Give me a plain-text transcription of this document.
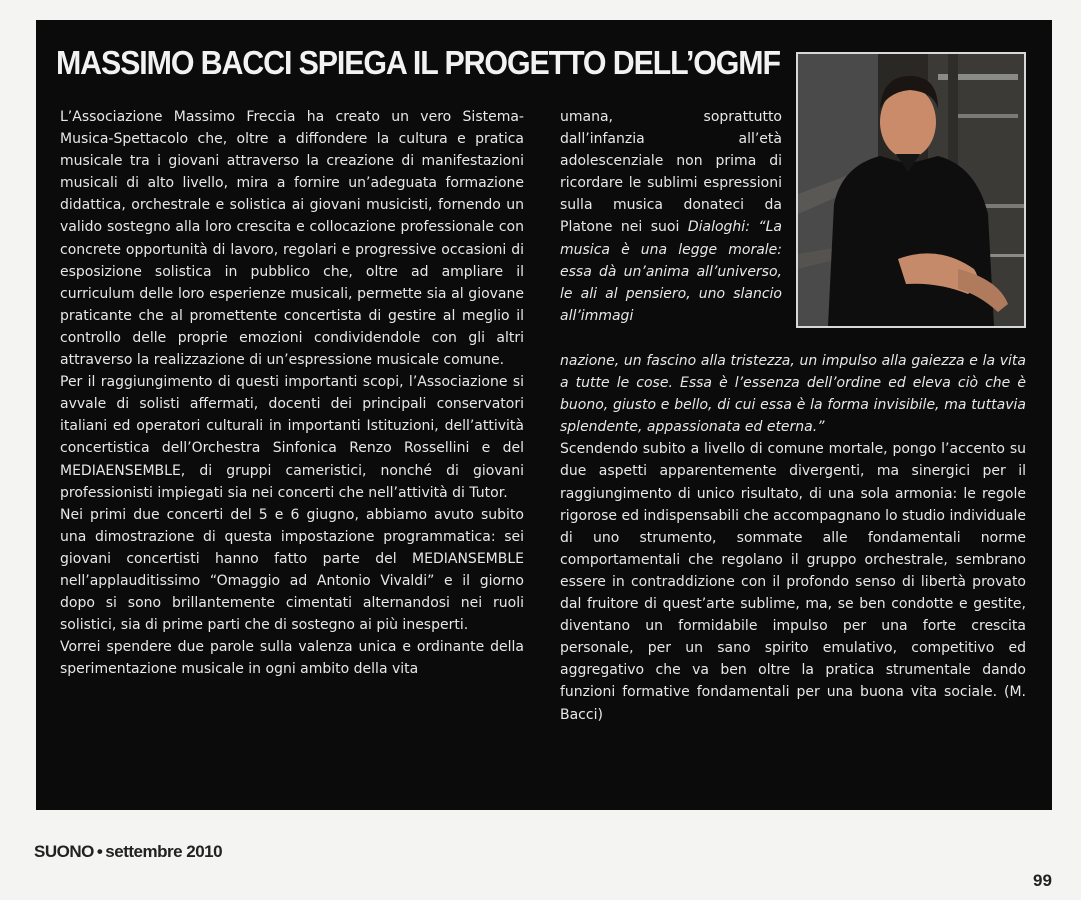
MASSIMO BACCI SPIEGA IL PROGETTO DELL’OGMF

L’Associazione Massimo Freccia ha creato un vero Sistema-Musica-Spettacolo che, oltre a diffondere la cultura e pratica musicale tra i giovani attraverso la creazione di manifestazioni musicali di alto livello, mira a fornire un’adeguata formazione didattica, orchestrale e solistica ai giovani musicisti, fornendo un valido sostegno alla loro crescita e collocazione professionale con concrete opportunità di lavoro, regolari e progressive occasioni di esposizione solistica in pubblico che, oltre ad ampliare il curriculum delle loro esperienze musicali, permette sia al giovane praticante che al promettente concertista di gestire al meglio il controllo delle proprie emozioni condividendole con gli altri attraverso la realizzazione di un’espressione musicale comune.

Per il raggiungimento di questi importanti scopi, l’Associazione si avvale di solisti affermati, docenti dei principali conservatori italiani ed operatori culturali in importanti Istituzioni, dell’attività concertistica dell’Orchestra Sinfonica Renzo Rossellini e del MEDIAENSEMBLE, di gruppi cameristici, nonché di giovani professionisti impiegati sia nei concerti che nell’attività di Tutor.

Nei primi due concerti del 5 e 6 giugno, abbiamo avuto subito una dimostrazione di questa impostazione programmatica: sei giovani concertisti hanno fatto parte del MEDIANSEMBLE nell’applauditissimo “Omaggio ad Antonio Vivaldi” e il giorno dopo si sono brillantemente cimentati alternandosi nei ruoli solistici, sia di prime parti che di sostegno ai più inesperti.

Vorrei spendere due parole sulla valenza unica e ordinante della sperimentazione musicale in ogni ambito della vita

umana, soprattutto dall’infanzia all’età adolescenziale non prima di ricordare le sublimi espressioni sulla musica donateci da Platone nei suoi Dialoghi: “La musica è una legge morale: essa dà un’anima all’universo, le ali al pensiero, uno slancio all’immagi

nazione, un fascino alla tristezza, un impulso alla gaiezza e la vita a tutte le cose. Essa è l’essenza dell’ordine ed eleva ciò che è buono, giusto e bello, di cui essa è la forma invisibile, ma tuttavia splendente, appassionata ed eterna.”

Scendendo subito a livello di comune mortale, pongo l’accento su due aspetti apparentemente divergenti, ma sinergici per il raggiungimento di unico risultato, di una sola armonia: le regole rigorose ed indispensabili che accompagnano lo studio individuale di uno strumento, sommate alle fondamentali norme comportamentali che regolano il gruppo orchestrale, sembrano essere in contraddizione con il profondo senso di libertà provato dal fruitore di quest’arte sublime, ma, se ben condotte e gestite, diventano un formidabile impulso per una forte crescita personale, per un sano spirito emulativo, competitivo ed aggregativo che va ben oltre la pratica strumentale dando funzioni formative fondamentali per una buona vita sociale. (M. Bacci)

SUONO • settembre 2010
99
